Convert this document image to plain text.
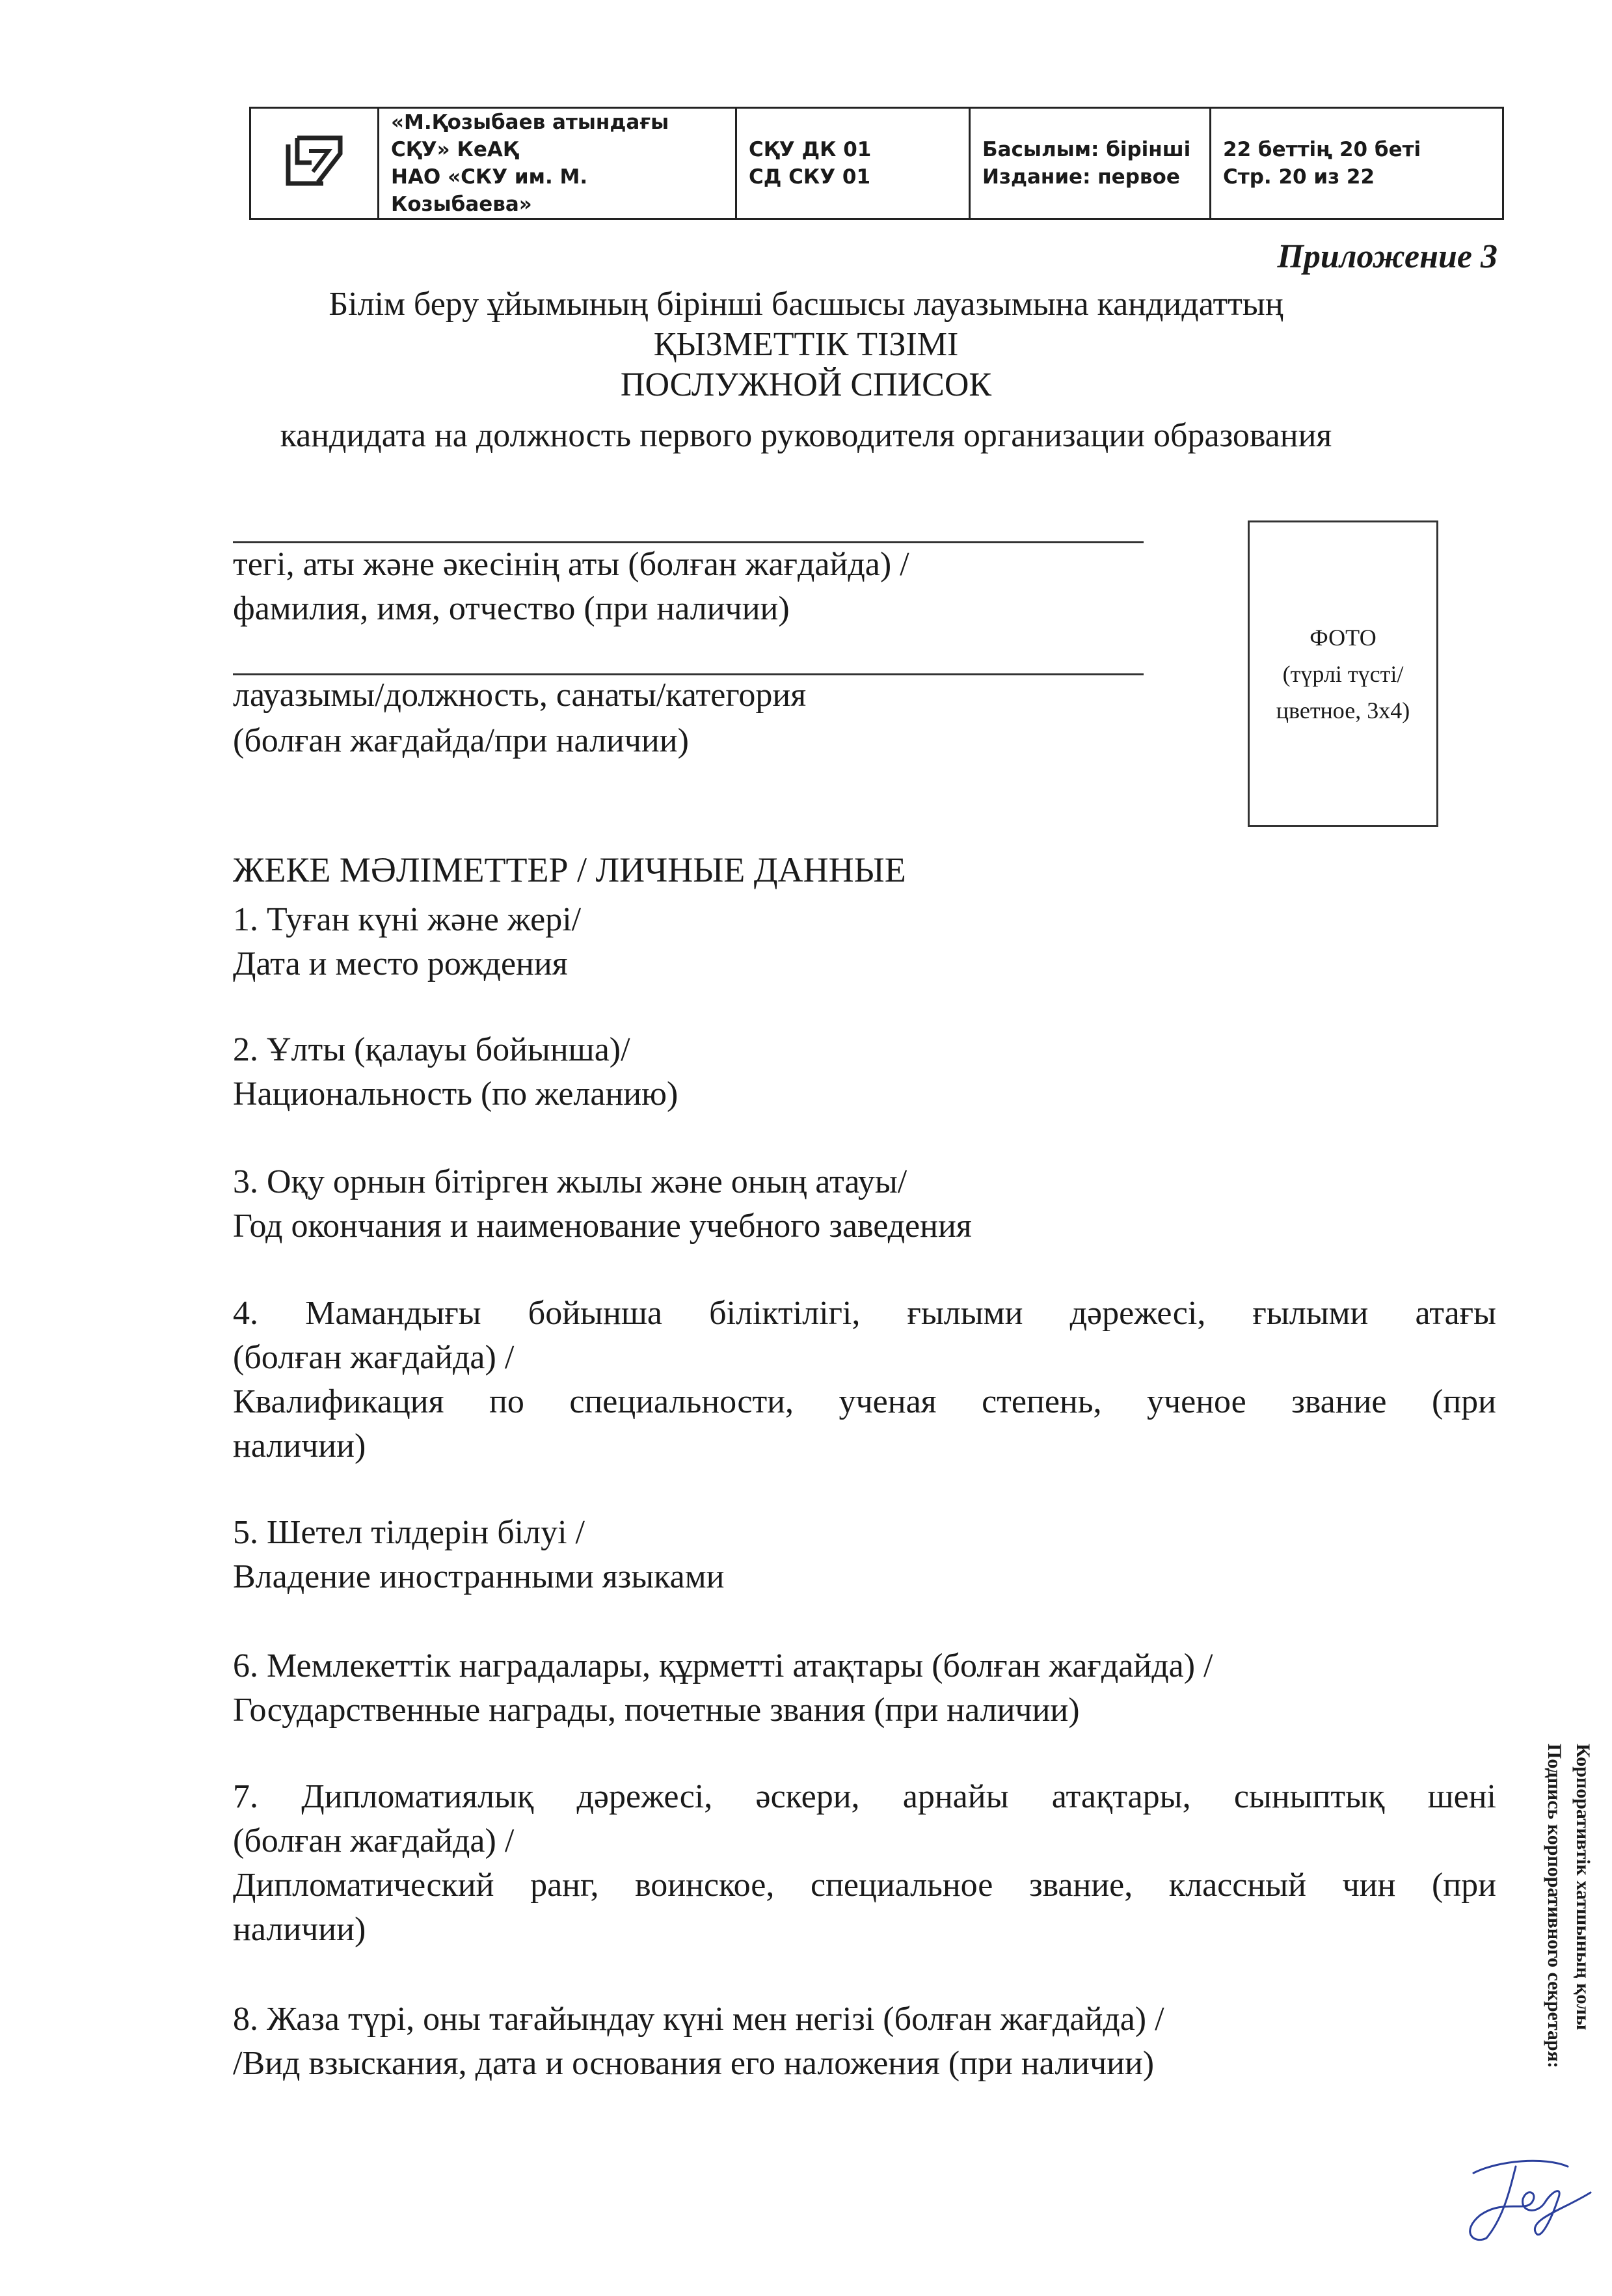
«М.Қозыбаев атындағы СҚУ» КеАҚ
НАО «СКУ им. М. Козыбаева»

СҚУ ДК 01
СД СКУ 01

Басылым: бірінші
Издание: первое

22 беттің 20 беті
Стр. 20 из 22
Приложение 3
Білім беру ұйымының бірінші басшысы лауазымына кандидаттың
ҚЫЗМЕТТІК ТІЗІМІ
ПОСЛУЖНОЙ СПИСОК
кандидата на должность первого руководителя организации образования
тегі, аты және әкесінің аты (болған жағдайда) /
фамилия, имя, отчество (при наличии)
лауазымы/должность, санаты/категория
(болған жағдайда/при наличии)
ФОТО
(түрлі түсті/
цветное, 3х4)
ЖЕКЕ МӘЛІМЕТТЕР / ЛИЧНЫЕ ДАННЫЕ
1. Туған күні және жері/
Дата и место рождения
2. Ұлты (қалауы бойынша)/
Национальность (по желанию)
3. Оқу орнын бітірген жылы және оның атауы/
Год окончания и наименование учебного заведения
4. Мамандығы бойынша біліктілігі, ғылыми дәрежесі, ғылыми атағы
(болған жағдайда) /
Квалификация по специальности, ученая степень, ученое звание (при
наличии)
5. Шетел тілдерін білуі /
Владение иностранными языками
6. Мемлекеттік наградалары, құрметті атақтары (болған жағдайда) /
Государственные награды, почетные звания (при наличии)
7. Дипломатиялық дәрежесі, әскери, арнайы атақтары, сыныптық шені
(болған жағдайда) /
Дипломатический ранг, воинское, специальное звание, классный чин (при
наличии)
8. Жаза түрі, оны тағайындау күні мен негізі (болған жағдайда) /
/Вид взыскания, дата и основания его наложения (при наличии)
Корпоративтік хатшының қолы
Подпись корпоративного секретаря:
